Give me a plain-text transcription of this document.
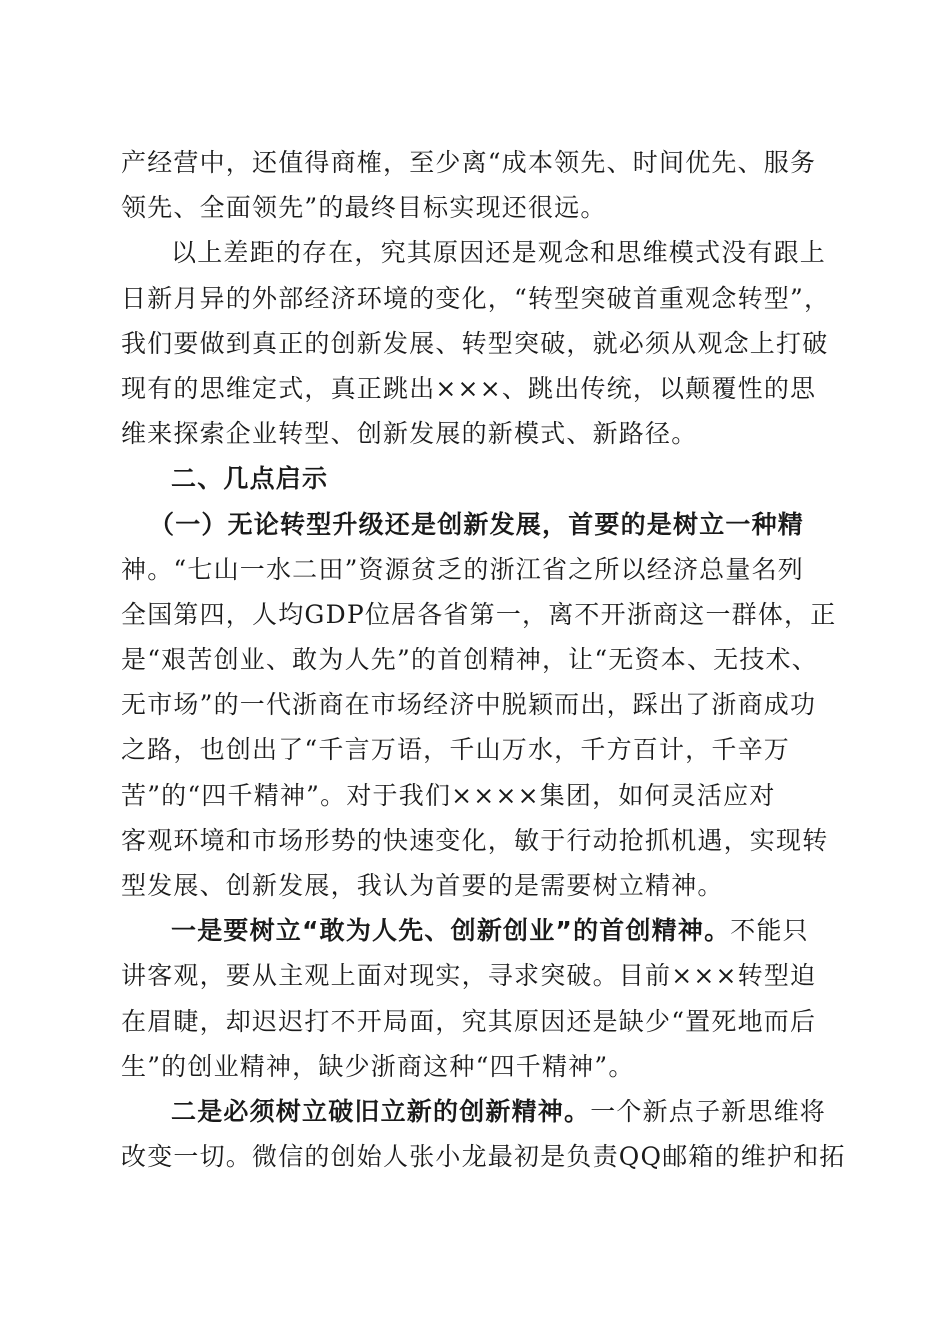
产经营中，还值得商榷，至少离“成本领先、时间优先、服务
领先、全面领先”的最终目标实现还很远。
以上差距的存在，究其原因还是观念和思维模式没有跟上
日新月异的外部经济环境的变化，“转型突破首重观念转型”，
我们要做到真正的创新发展、转型突破，就必须从观念上打破
现有的思维定式，真正跳出×××、跳出传统，以颠覆性的思
维来探索企业转型、创新发展的新模式、新路径。
二、几点启示
（一）无论转型升级还是创新发展，首要的是树立一种精
神。“七山一水二田”资源贫乏的浙江省之所以经济总量名列
全国第四，人均GDP位居各省第一，离不开浙商这一群体，正
是“艰苦创业、敢为人先”的首创精神，让“无资本、无技术、
无市场”的一代浙商在市场经济中脱颖而出，踩出了浙商成功
之路，也创出了“千言万语，千山万水，千方百计，千辛万
苦”的“四千精神”。对于我们××××集团，如何灵活应对
客观环境和市场形势的快速变化，敏于行动抢抓机遇，实现转
型发展、创新发展，我认为首要的是需要树立精神。
一是要树立“敢为人先、创新创业”的首创精神。不能只
讲客观，要从主观上面对现实，寻求突破。目前×××转型迫
在眉睫，却迟迟打不开局面，究其原因还是缺少“置死地而后
生”的创业精神，缺少浙商这种“四千精神”。
二是必须树立破旧立新的创新精神。一个新点子新思维将
改变一切。微信的创始人张小龙最初是负责QQ邮箱的维护和拓
